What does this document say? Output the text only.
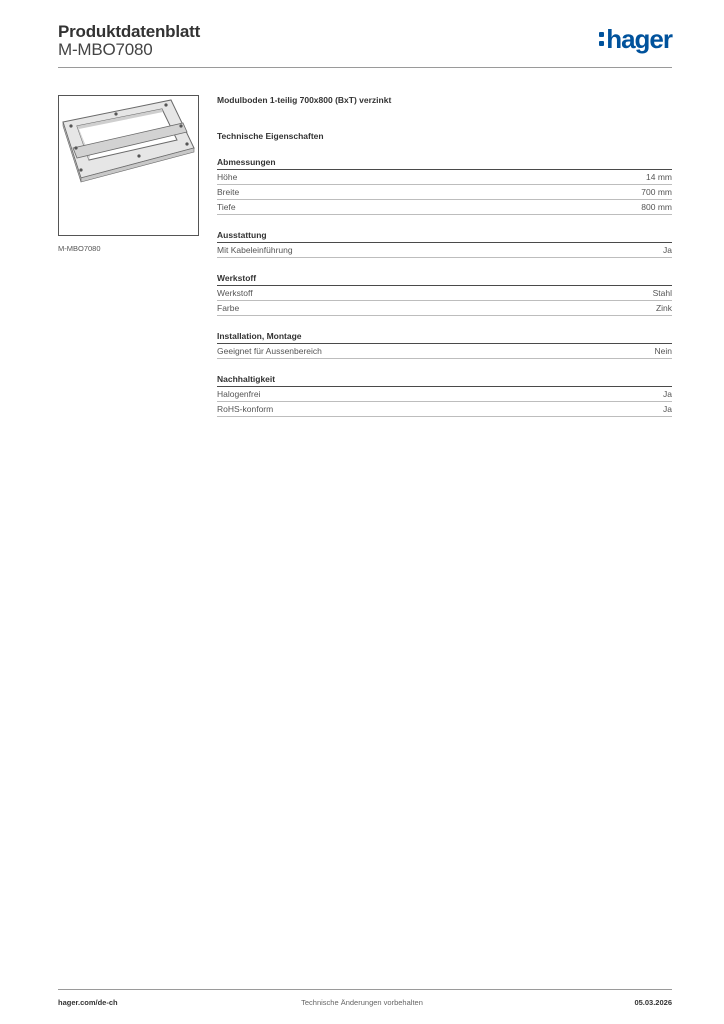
Produktdatenblatt
M-MBO7080	hager
M-MBO7080
Modulboden 1-teilig 700x800 (BxT) verzinkt
Technische Eigenschaften
Abmessungen
Höhe	14 mm
Breite	700 mm
Tiefe	800 mm
Ausstattung
Mit Kabeleinführung	Ja
Werkstoff
Werkstoff	Stahl
Farbe	Zink
Installation, Montage
Geeignet für Aussenbereich	Nein
Nachhaltigkeit
Halogenfrei	Ja
RoHS-konform	Ja
hager.com/de-ch	Technische Änderungen vorbehalten	05.03.2026
